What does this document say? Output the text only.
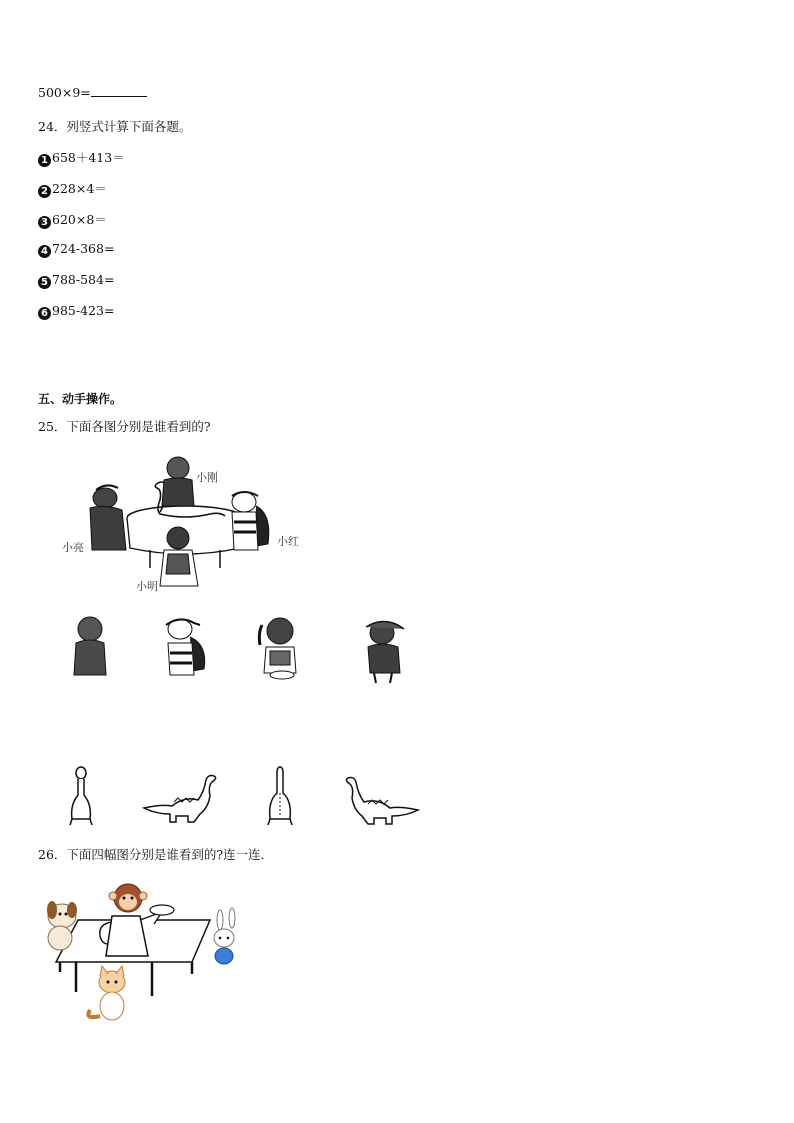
500×9=
24．列竖式计算下面各题。
1 658＋413＝
2 228×4＝
3 620×8＝
4 724-368=
5 788-584=
6 985-423=
五、动手操作。
25．下面各图分别是谁看到的?
小刚
小亮	小红
小明
26．下面四幅图分别是谁看到的?连一连．
